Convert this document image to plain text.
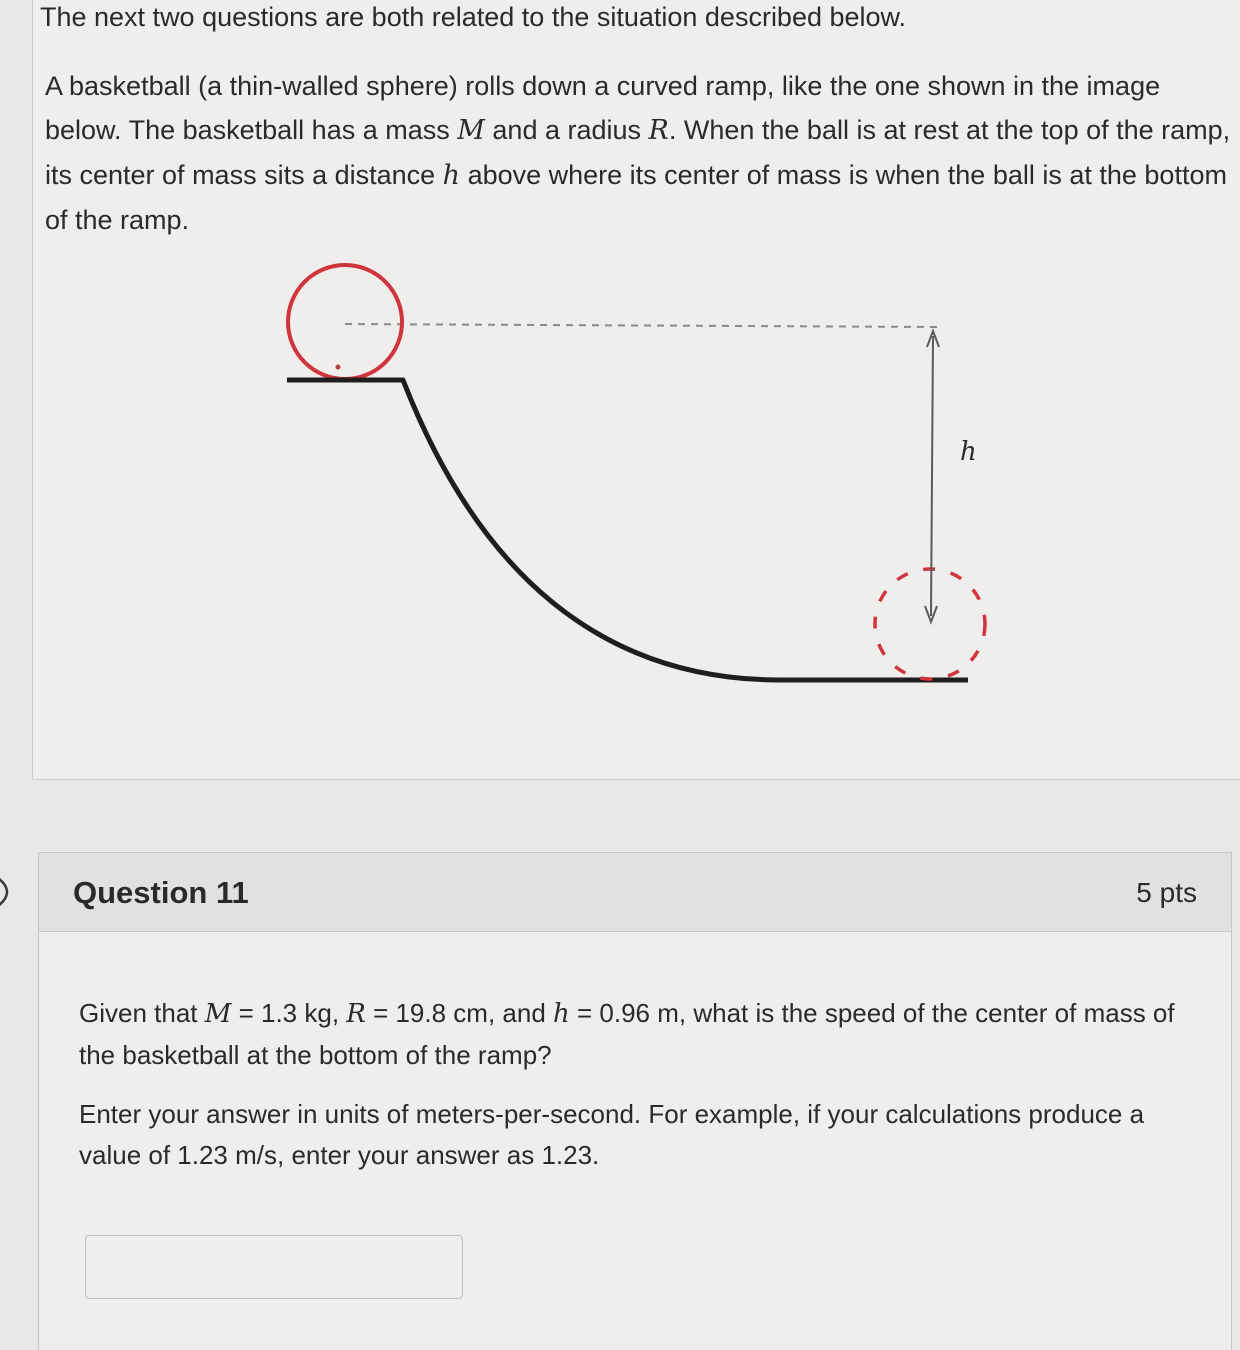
The next two questions are both related to the situation described below.

A basketball (a thin-walled sphere) rolls down a curved ramp, like the one shown in the image below. The basketball has a mass M and a radius R. When the ball is at rest at the top of the ramp, its center of mass sits a distance h above where its center of mass is when the ball is at the bottom of the ramp.

h
Question 11	5 pts

Given that M = 1.3 kg, R = 19.8 cm, and h = 0.96 m, what is the speed of the center of mass of the basketball at the bottom of the ramp?

Enter your answer in units of meters-per-second. For example, if your calculations produce a value of 1.23 m/s, enter your answer as 1.23.
